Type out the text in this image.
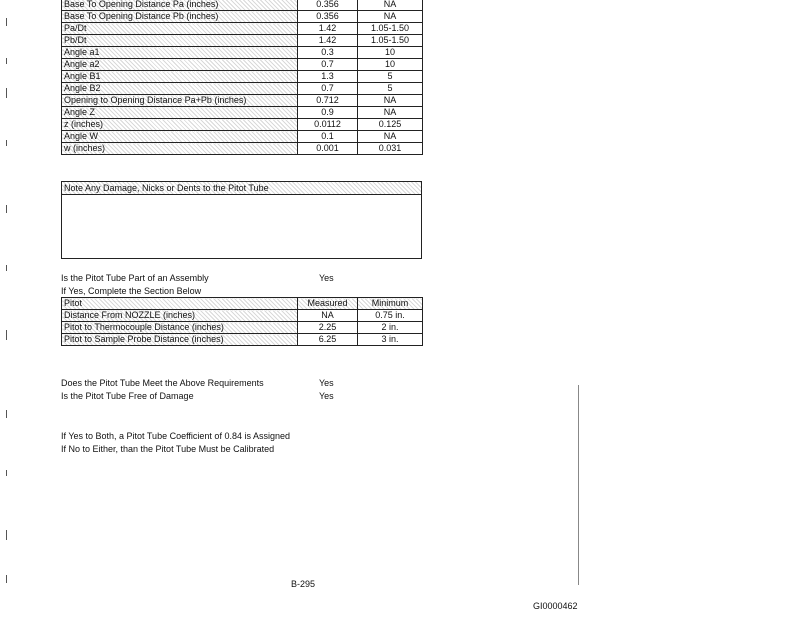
Base To Opening Distance Pa (inches)	0.356	NA
Base To Opening Distance Pb (inches)	0.356	NA
Pa/Dt	1.42	1.05-1.50
Pb/Dt	1.42	1.05-1.50
Angle a1	0.3	10
Angle a2	0.7	10
Angle B1	1.3	5
Angle B2	0.7	5
Opening to Opening Distance Pa+Pb (inches)	0.712	NA
Angle Z	0.9	NA
z (inches)	0.0112	0.125
Angle W	0.1	NA
w (inches)	0.001	0.031
Note Any Damage, Nicks or Dents to the Pitot Tube
Is the Pitot Tube Part of an Assembly	Yes
If Yes, Complete the Section Below
Pitot	Measured	Minimum
Distance From NOZZLE (inches)	NA	0.75 in.
Pitot to Thermocouple Distance (inches)	2.25	2 in.
Pitot to Sample Probe Distance (inches)	6.25	3 in.
Does the Pitot Tube Meet the Above Requirements	Yes
Is the Pitot Tube Free of Damage	Yes
If Yes to Both, a Pitot Tube Coefficient of 0.84 is Assigned
If No to Either, than the Pitot Tube Must be Calibrated
B-295
GI0000462
